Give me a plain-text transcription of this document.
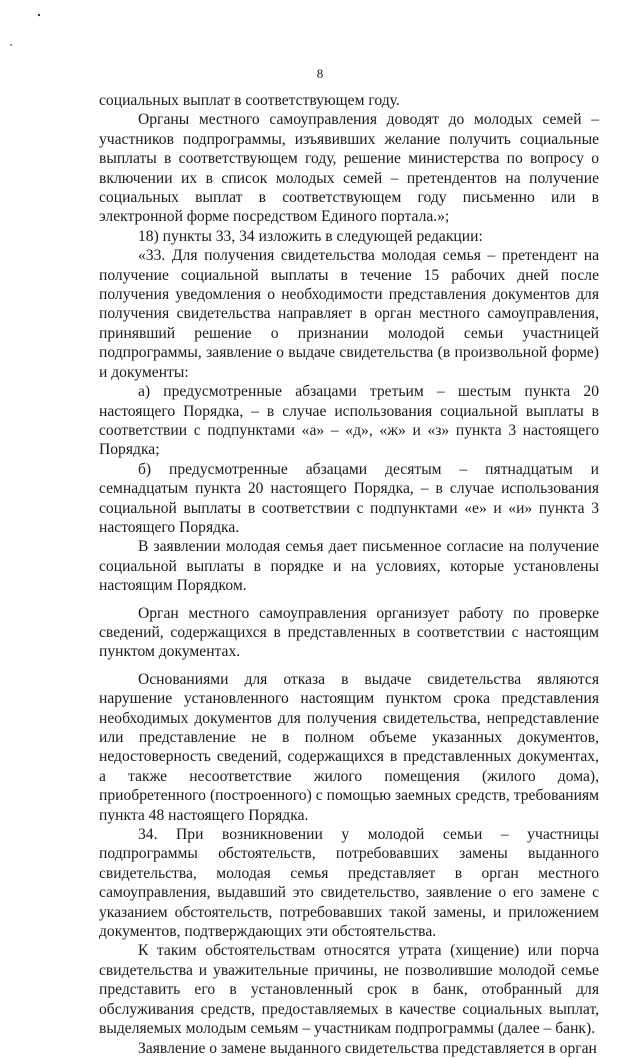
8

социальных выплат в соответствующем году.

Органы местного самоуправления доводят до молодых семей – участников подпрограммы, изъявивших желание получить социальные выплаты в соответствующем году, решение министерства по вопросу о включении их в список молодых семей – претендентов на получение социальных выплат в соответствующем году письменно или в электронной форме посредством Единого портала.»;

18) пункты 33, 34 изложить в следующей редакции:

«33. Для получения свидетельства молодая семья – претендент на получение социальной выплаты в течение 15 рабочих дней после получения уведомления о необходимости представления документов для получения свидетельства направляет в орган местного самоуправления, принявший решение о признании молодой семьи участницей подпрограммы, заявление о выдаче свидетельства (в произвольной форме) и документы:

а) предусмотренные абзацами третьим – шестым пункта 20 настоящего Порядка, – в случае использования социальной выплаты в соответствии с подпунктами «а» – «д», «ж» и «з» пункта 3 настоящего Порядка;

б) предусмотренные абзацами десятым – пятнадцатым и семнадцатым пункта 20 настоящего Порядка, – в случае использования социальной выплаты в соответствии с подпунктами «е» и «и» пункта 3 настоящего Порядка.

В заявлении молодая семья дает письменное согласие на получение социальной выплаты в порядке и на условиях, которые установлены настоящим Порядком.

Орган местного самоуправления организует работу по проверке сведений, содержащихся в представленных в соответствии с настоящим пунктом документах.

Основаниями для отказа в выдаче свидетельства являются нарушение установленного настоящим пунктом срока представления необходимых документов для получения свидетельства, непредставление или представление не в полном объеме указанных документов, недостоверность сведений, содержащихся в представленных документах, а также несоответствие жилого помещения (жилого дома), приобретенного (построенного) с помощью заемных средств, требованиям пункта 48 настоящего Порядка.

34. При возникновении у молодой семьи – участницы подпрограммы обстоятельств, потребовавших замены выданного свидетельства, молодая семья представляет в орган местного самоуправления, выдавший это свидетельство, заявление о его замене с указанием обстоятельств, потребовавших такой замены, и приложением документов, подтверждающих эти обстоятельства.

К таким обстоятельствам относятся утрата (хищение) или порча свидетельства и уважительные причины, не позволившие молодой семье представить его в установленный срок в банк, отобранный для обслуживания средств, предоставляемых в качестве социальных выплат, выделяемых молодым семьям – участникам подпрограммы (далее – банк).

Заявление о замене выданного свидетельства представляется в орган
